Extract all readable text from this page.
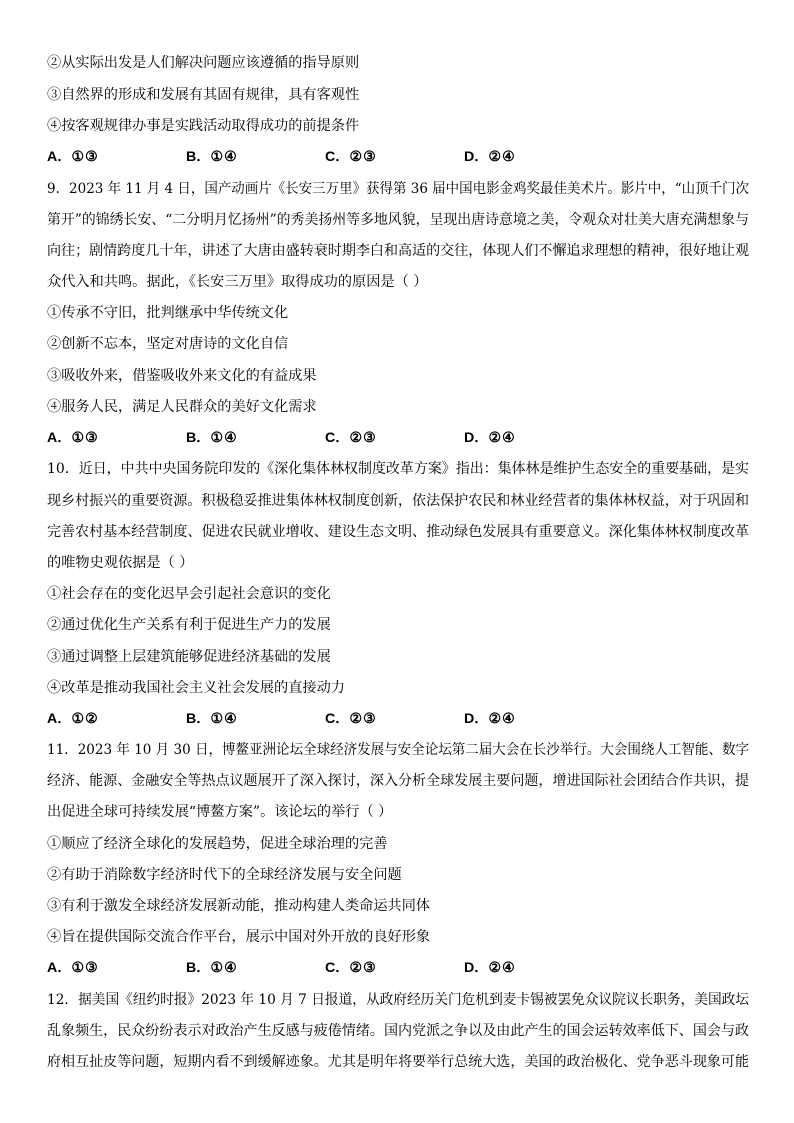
②从实际出发是人们解决问题应该遵循的指导原则
③自然界的形成和发展有其固有规律，具有客观性
④按客观规律办事是实践活动取得成功的前提条件
A．①③	B．①④	C．②③	D．②④
9．2023 年 11 月 4 日，国产动画片《长安三万里》获得第 36 届中国电影金鸡奖最佳美术片。影片中，“山顶千门次
第开”的锦绣长安、“二分明月忆扬州”的秀美扬州等多地风貌，呈现出唐诗意境之美，令观众对壮美大唐充满想象与
向往；剧情跨度几十年，讲述了大唐由盛转衰时期李白和高适的交往，体现人们不懈追求理想的精神，很好地让观
众代入和共鸣。据此，《长安三万里》取得成功的原因是（ ）
①传承不守旧，批判继承中华传统文化
②创新不忘本，坚定对唐诗的文化自信
③吸收外来，借鉴吸收外来文化的有益成果
④服务人民，满足人民群众的美好文化需求
A．①③	B．①④	C．②③	D．②④
10．近日，中共中央国务院印发的《深化集体林权制度改革方案》指出：集体林是维护生态安全的重要基础，是实
现乡村振兴的重要资源。积极稳妥推进集体林权制度创新，依法保护农民和林业经营者的集体林权益，对于巩固和
完善农村基本经营制度、促进农民就业增收、建设生态文明、推动绿色发展具有重要意义。深化集体林权制度改革
的唯物史观依据是（ ）
①社会存在的变化迟早会引起社会意识的变化
②通过优化生产关系有利于促进生产力的发展
③通过调整上层建筑能够促进经济基础的发展
④改革是推动我国社会主义社会发展的直接动力
A．①②	B．①④	C．②③	D．②④
11．2023 年 10 月 30 日，博鳌亚洲论坛全球经济发展与安全论坛第二届大会在长沙举行。大会围绕人工智能、数字
经济、能源、金融安全等热点议题展开了深入探讨，深入分析全球发展主要问题，增进国际社会团结合作共识，提
出促进全球可持续发展“博鳌方案”。该论坛的举行（ ）
①顺应了经济全球化的发展趋势，促进全球治理的完善
②有助于消除数字经济时代下的全球经济发展与安全问题
③有利于激发全球经济发展新动能，推动构建人类命运共同体
④旨在提供国际交流合作平台，展示中国对外开放的良好形象
A．①③	B．①④	C．②③	D．②④
12．据美国《纽约时报》2023 年 10 月 7 日报道，从政府经历关门危机到麦卡锡被罢免众议院议长职务，美国政坛
乱象频生，民众纷纷表示对政治产生反感与疲倦情绪。国内党派之争以及由此产生的国会运转效率低下、国会与政
府相互扯皮等问题，短期内看不到缓解迹象。尤其是明年将要举行总统大选，美国的政治极化、党争恶斗现象可能
